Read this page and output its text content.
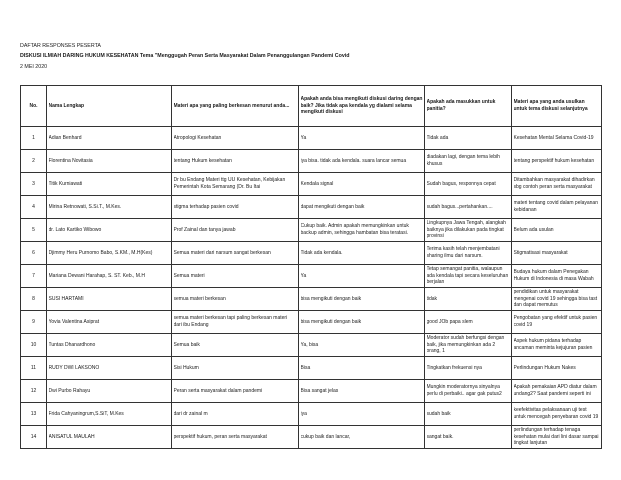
DAFTAR RESPONSES PESERTA
DISKUSI ILMIAH DARING HUKUM KESEHATAN Tema "Menggugah Peran Serta Masyarakat Dalam Penanggulangan Pandemi Covid
2 MEI 2020
No.	Nama Lengkap	Materi apa yang paling berkesan menurut anda...	Apakah anda bisa mengikuti diskusi daring dengan baik? Jika tidak apa kendala yg dialami selama mengikuti diskusi	Apakah ada masukkan untuk panitia?	Materi apa yang anda usulkan untuk tema diskusi selanjutnya

1	Adian Benhard	Atropologi Kesehatan	Ya	Tidak ada	Kesehatan Mental Selama Covid-19

2	Florentina Novitasia	tentang Hukum kesehatan	iya bisa. tidak ada kendala. suara lancar semua	diadakan lagi, dengan tema lebih khusus	tentang perspektif hukum kesehatan

3	Titik Kurniawati	Dr bu Endang Materi ttg UU Kesehatan, Kebijakan Pemerintah Kota Semarang (Dr. Bu Itai	Kendala signal	Sudah bagus, responnya cepat	Ditambahkan masyarakat dihadirkan sbg contoh peran serta masyarakat

4	Mirina Retnowati, S.Si.T., M.Kes.	stigma terhadap pasien covid	dapat mengikuti dengan baik	sudah bagus...pertahankan....	materi tentang covid dalam pelayanan kebidanan

5	dr. Lato Kartiko Wibowo	Prof Zainal dan tanya jawab	Cukup baik. Admin apakah memungkinkan untuk backup admin, sehingga hambatan bisa teratasi.	Lingkupnya Jawa Tengah, alangkah baiknya jika dilakukan pada tingkat provinsi	Belum ada usulan

6	Djimmy Heru Purnomo Babo, S.KM., M.H(Kes)	Semua materi dari narsum sangat berkesan	Tidak ada kendala.	Terima kasih telah menjembatani sharing ilmu dari narsum.	Stigmatisasi masyarakat

7	Mariana Dewani Harahap, S. ST. Keb., M.H	Semua materi	Ya	Tetap semangat panitia, walaupun ada kendala tapi secara keseluruhan berjalan	Budaya hukum dalam Penegakan Hukum di Indonesia di masa Wabah

8	SUSI HARTAMI	semua materi berkesan	bisa mengikuti dengan baik	tidak	pendidikan untuk masyarakat mengenai covid 19 sehingga bisa tast dan dapat memutus

9	Yovia Valentina Asiprat	semua materi berkesan tapi paling berkesan materi dari ibu Endang	bisa mengikuti dengan baik	good JOb papa slem	Pengobatan yang efektif untuk pasien covid 19

10	Tuntas Dhanardhono	Semua baik	Ya, bisa	Moderator sudah berfungsi dengan baik, jika memungkinkan ada 2 orang, 1	Aspek hukum pidana terhadap ancaman meminta kejujuran pasien

11	RUDY DWI LAKSONO	Sisi Hukum	Bisa	Tingkatkan frekuensi nya	Perlindungan Hukum Nakes

12	Dwi Purbo Rahayu	Peran serta masyarakat dalam pandemi	Bisa sangat jelas	Mungkin moderatornya sinyalnya perlu di perbaiki.. agar gak putus2	Apakah pemakaian APD diatur dalam undang2? Saat pandemi seperti ini

13	Frida Cahyaningrum,S.SiT, M.Kes	dari dr zainal m	iya	sudah baik	keefektivitas pelaksanaan uji test untuk mencegah penyebaran covid 19

14	ANISATUL MAULAH	perspektif hukum, peran serta masyarakat	cukup baik dan lancar,	sangat baik.	perlindungan terhadap tenaga kesehatan mulai dari lini dasar sampai tingkat lanjutan
